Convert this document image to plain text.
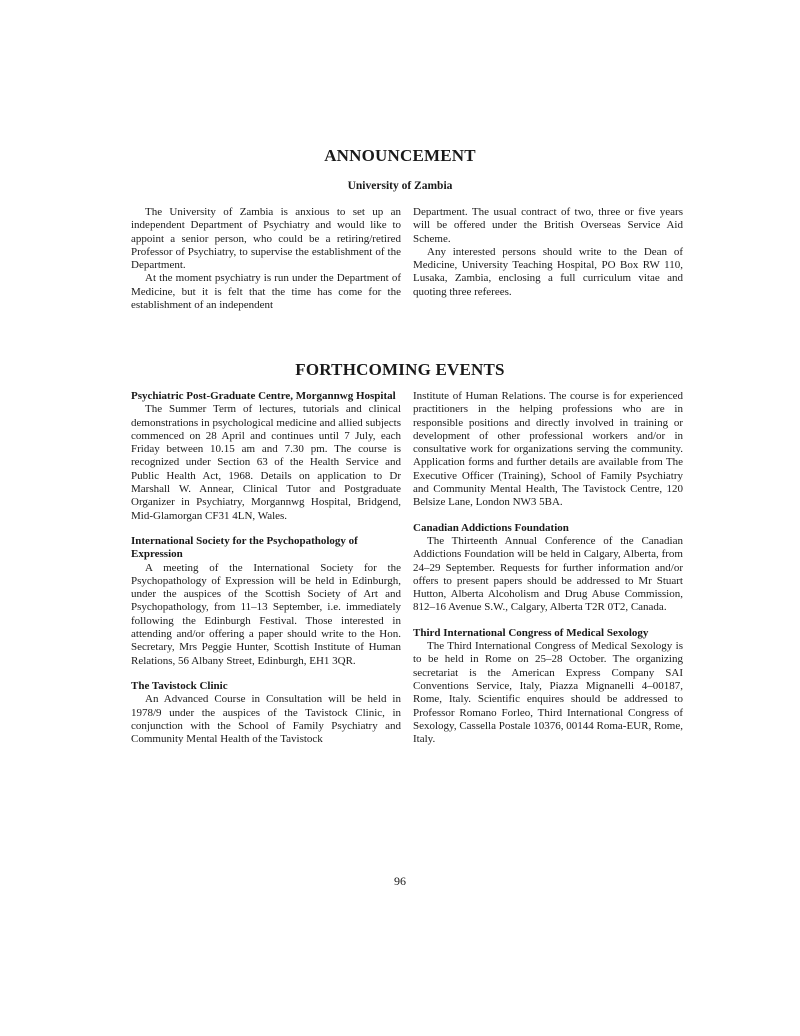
ANNOUNCEMENT
University of Zambia

The University of Zambia is anxious to set up an independent Department of Psychiatry and would like to appoint a senior person, who could be a retiring/retired Professor of Psychiatry, to supervise the establishment of the Department.

At the moment psychiatry is run under the Department of Medicine, but it is felt that the time has come for the establishment of an independent

Department. The usual contract of two, three or five years will be offered under the British Overseas Service Aid Scheme.

Any interested persons should write to the Dean of Medicine, University Teaching Hospital, PO Box RW 110, Lusaka, Zambia, enclosing a full curriculum vitae and quoting three referees.

FORTHCOMING EVENTS
Psychiatric Post-Graduate Centre, Morgannwg Hospital

The Summer Term of lectures, tutorials and clinical demonstrations in psychological medicine and allied subjects commenced on 28 April and continues until 7 July, each Friday between 10.15 am and 7.30 pm. The course is recognized under Section 63 of the Health Service and Public Health Act, 1968. Details on application to Dr Marshall W. Annear, Clinical Tutor and Postgraduate Organizer in Psychiatry, Morgannwg Hospital, Bridgend, Mid-Glamorgan CF31 4LN, Wales.

International Society for the Psychopathology of Expression

A meeting of the International Society for the Psychopathology of Expression will be held in Edinburgh, under the auspices of the Scottish Society of Art and Psychopathology, from 11–13 September, i.e. immediately following the Edinburgh Festival. Those interested in attending and/or offering a paper should write to the Hon. Secretary, Mrs Peggie Hunter, Scottish Institute of Human Relations, 56 Albany Street, Edinburgh, EH1 3QR.

The Tavistock Clinic

An Advanced Course in Consultation will be held in 1978/9 under the auspices of the Tavistock Clinic, in conjunction with the School of Family Psychiatry and Community Mental Health of the Tavistock

Institute of Human Relations. The course is for experienced practitioners in the helping professions who are in responsible positions and directly involved in training or development of other professional workers and/or in consultative work for organizations serving the community. Application forms and further details are available from The Executive Officer (Training), School of Family Psychiatry and Community Mental Health, The Tavistock Centre, 120 Belsize Lane, London NW3 5BA.

Canadian Addictions Foundation

The Thirteenth Annual Conference of the Canadian Addictions Foundation will be held in Calgary, Alberta, from 24–29 September. Requests for further information and/or offers to present papers should be addressed to Mr Stuart Hutton, Alberta Alcoholism and Drug Abuse Commission, 812–16 Avenue S.W., Calgary, Alberta T2R 0T2, Canada.

Third International Congress of Medical Sexology

The Third International Congress of Medical Sexology is to be held in Rome on 25–28 October. The organizing secretariat is the American Express Company SAI Conventions Service, Italy, Piazza Mignanelli 4–00187, Rome, Italy. Scientific enquires should be addressed to Professor Romano Forleo, Third International Congress of Sexology, Cassella Postale 10376, 00144 Roma-EUR, Rome, Italy.

96
